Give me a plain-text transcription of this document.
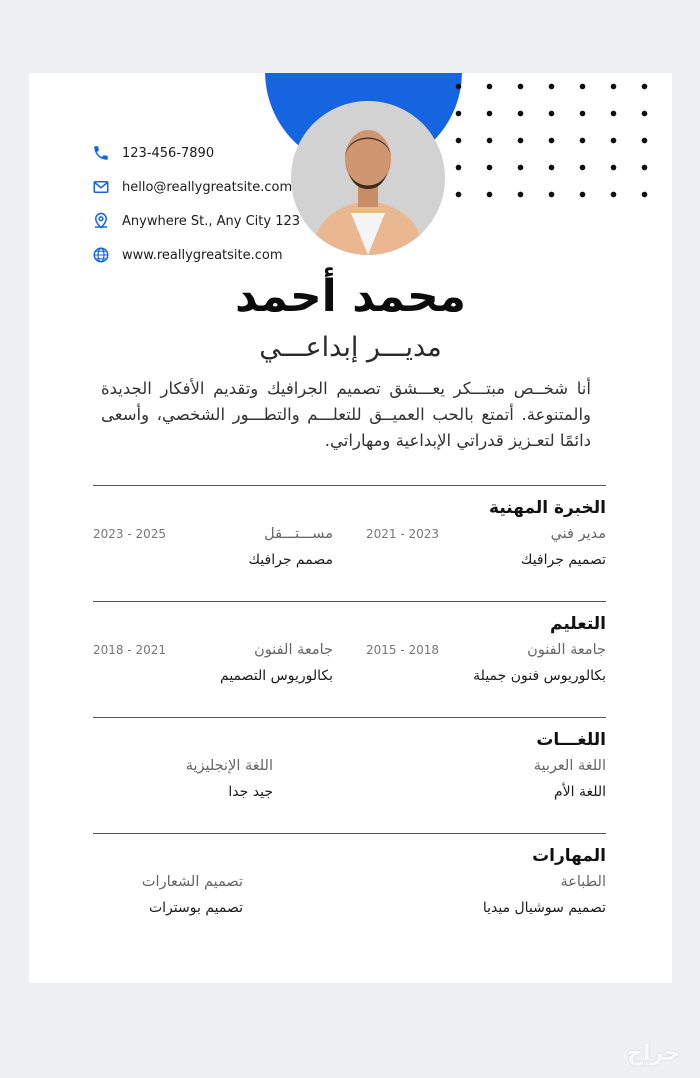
123-456-7890
hello@reallygreatsite.com
Anywhere St., Any City 123
www.reallygreatsite.com
محمد أحمد
مديـــر إبداعـــي
أنا شخــص مبتـــكر يعـــشق تصميم الجرافيك وتقديم الأفكار الجديدة والمتنوعة. أتمتع بالحب العميــق للتعلـــم والتطـــور الشخصي، وأسعى دائمًا لتعـزيز قدراتي الإبداعية ومهاراتي.
الخبرة المهنية
مدير فني
2021 - 2023
تصميم جرافيك
مســـتـــقل
2023 - 2025
مصمم جرافيك
التعليم
جامعة الفنون
2015 - 2018
بكالوريوس فنون جميلة
جامعة الفنون
2018 - 2021
بكالوريوس التصميم
اللغـــات
اللغة العربية
اللغة الأم
اللغة الإنجليزية
جيد جدا
المهارات
الطباعة
تصميم سوشيال ميديا
تصميم الشعارات
تصميم بوسترات
حراج
